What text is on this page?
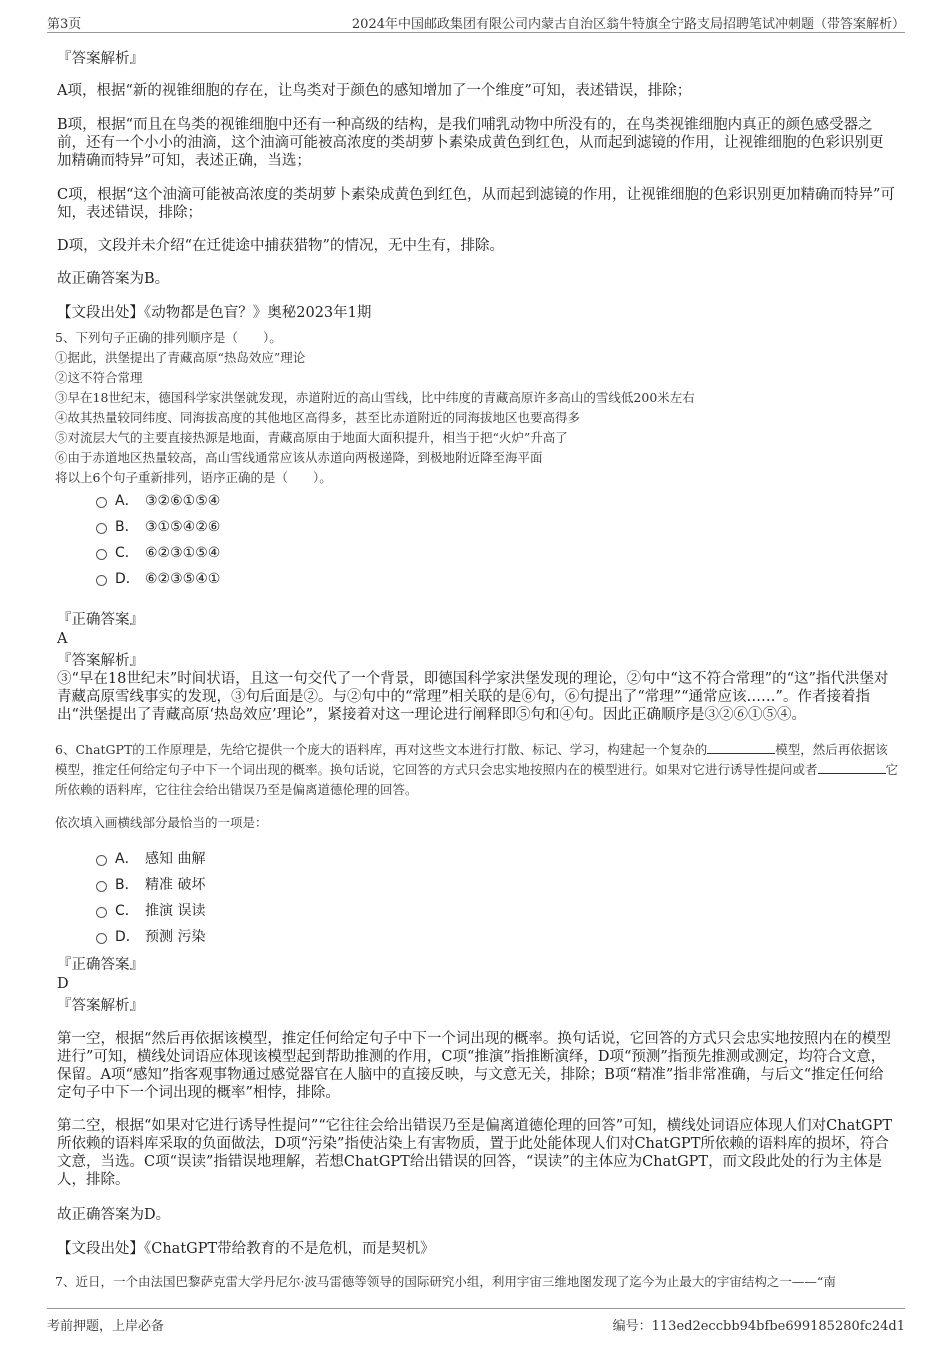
第3页	2024年中国邮政集团有限公司内蒙古自治区翁牛特旗全宁路支局招聘笔试冲刺题（带答案解析）
『答案解析』
A项，根据“新的视锥细胞的存在，让鸟类对于颜色的感知增加了一个维度”可知，表述错误，排除；
B项，根据“而且在鸟类的视锥细胞中还有一种高级的结构，是我们哺乳动物中所没有的，在鸟类视锥细胞内真正的颜色感受器之前，还有一个小小的油滴，这个油滴可能被高浓度的类胡萝卜素染成黄色到红色，从而起到滤镜的作用，让视锥细胞的色彩识别更加精确而特异”可知，表述正确，当选；
C项，根据“这个油滴可能被高浓度的类胡萝卜素染成黄色到红色，从而起到滤镜的作用，让视锥细胞的色彩识别更加精确而特异”可知，表述错误，排除；
D项，文段并未介绍“在迁徙途中捕获猎物”的情况，无中生有，排除。
故正确答案为B。
【文段出处】《动物都是色盲？》奥秘2023年1期
5、下列句子正确的排列顺序是（　　）。
①据此，洪堡提出了青藏高原“热岛效应”理论
②这不符合常理
③早在18世纪末，德国科学家洪堡就发现，赤道附近的高山雪线，比中纬度的青藏高原许多高山的雪线低200米左右
④故其热量较同纬度、同海拔高度的其他地区高得多，甚至比赤道附近的同海拔地区也要高得多
⑤对流层大气的主要直接热源是地面，青藏高原由于地面大面积提升，相当于把“火炉”升高了
⑥由于赤道地区热量较高，高山雪线通常应该从赤道向两极递降，到极地附近降至海平面
将以上6个句子重新排列，语序正确的是（　　）。
A． ③②⑥①⑤④
B． ③①⑤④②⑥
C． ⑥②③①⑤④
D． ⑥②③⑤④①
『正确答案』
A
『答案解析』
③“早在18世纪末”时间状语，且这一句交代了一个背景，即德国科学家洪堡发现的理论，②句中“这不符合常理”的“这”指代洪堡对青藏高原雪线事实的发现，③句后面是②。与②句中的“常理”相关联的是⑥句，⑥句提出了“常理”“通常应该……”。作者接着指出“洪堡提出了青藏高原‘热岛效应’理论”，紧接着对这一理论进行阐释即⑤句和④句。因此正确顺序是③②⑥①⑤④。
6、ChatGPT的工作原理是，先给它提供一个庞大的语料库，再对这些文本进行打散、标记、学习，构建起一个复杂的	模型，然后再依据该模型，推定任何给定句子中下一个词出现的概率。换句话说，它回答的方式只会忠实地按照内在的模型进行。如果对它进行诱导性提问或者	它所依赖的语料库，它往往会给出错误乃至是偏离道德伦理的回答。
依次填入画横线部分最恰当的一项是：
A． 感知 曲解
B． 精准 破坏
C． 推演 误读
D． 预测 污染
『正确答案』
D
『答案解析』
第一空，根据“然后再依据该模型，推定任何给定句子中下一个词出现的概率。换句话说，它回答的方式只会忠实地按照内在的模型进行”可知，横线处词语应体现该模型起到帮助推测的作用，C项“推演”指推断演绎，D项“预测”指预先推测或测定，均符合文意，保留。A项“感知”指客观事物通过感觉器官在人脑中的直接反映，与文意无关，排除；B项“精准”指非常准确，与后文“推定任何给定句子中下一个词出现的概率”相悖，排除。
第二空，根据“如果对它进行诱导性提问”“它往往会给出错误乃至是偏离道德伦理的回答”可知，横线处词语应体现人们对ChatGPT所依赖的语料库采取的负面做法，D项“污染”指使沾染上有害物质，置于此处能体现人们对ChatGPT所依赖的语料库的损坏，符合文意，当选。C项“误读”指错误地理解，若想ChatGPT给出错误的回答，“误读”的主体应为ChatGPT，而文段此处的行为主体是人，排除。
故正确答案为D。
【文段出处】《ChatGPT带给教育的不是危机，而是契机》
7、近日，一个由法国巴黎萨克雷大学丹尼尔·波马雷德等领导的国际研究小组，利用宇宙三维地图发现了迄今为止最大的宇宙结构之一——“南
考前押题，上岸必备	编号：113ed2eccbb94bfbe699185280fc24d1
